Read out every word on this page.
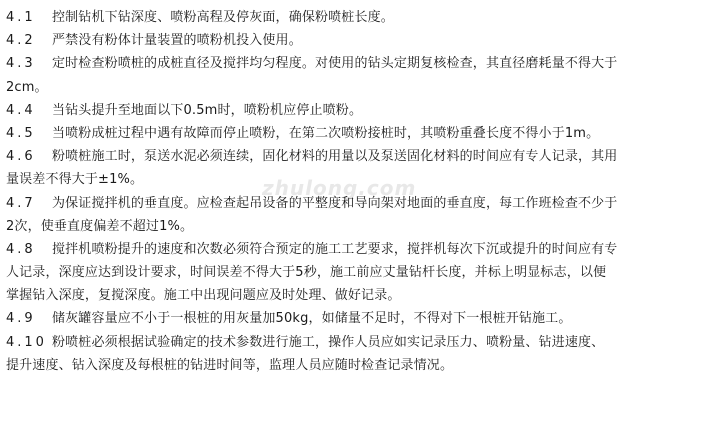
zhulong.com
4.1 控制钻机下钻深度、喷粉高程及停灰面，确保粉喷桩长度。
4.2 严禁没有粉体计量装置的喷粉机投入使用。
4.3 定时检查粉喷桩的成桩直径及搅拌均匀程度。对使用的钻头定期复核检查，其直径磨耗量不得大于
2cm。
4.4 当钻头提升至地面以下0.5m时，喷粉机应停止喷粉。
4.5 当喷粉成桩过程中遇有故障而停止喷粉，在第二次喷粉接桩时，其喷粉重叠长度不得小于1m。
4.6 粉喷桩施工时，泵送水泥必须连续，固化材料的用量以及泵送固化材料的时间应有专人记录，其用
量误差不得大于±1%。
4.7 为保证搅拌机的垂直度。应检查起吊设备的平整度和导向架对地面的垂直度，每工作班检查不少于
2次，使垂直度偏差不超过1%。
4.8 搅拌机喷粉提升的速度和次数必须符合预定的施工工艺要求，搅拌机每次下沉或提升的时间应有专
人记录，深度应达到设计要求，时间误差不得大于5秒，施工前应丈量钻杆长度，并标上明显标志，以便
掌握钻入深度，复搅深度。施工中出现问题应及时处理、做好记录。
4.9 储灰罐容量应不小于一根桩的用灰量加50kg，如储量不足时，不得对下一根桩开钻施工。
4.10 粉喷桩必须根据试验确定的技术参数进行施工，操作人员应如实记录压力、喷粉量、钻进速度、
提升速度、钻入深度及每根桩的钻进时间等，监理人员应随时检查记录情况。
